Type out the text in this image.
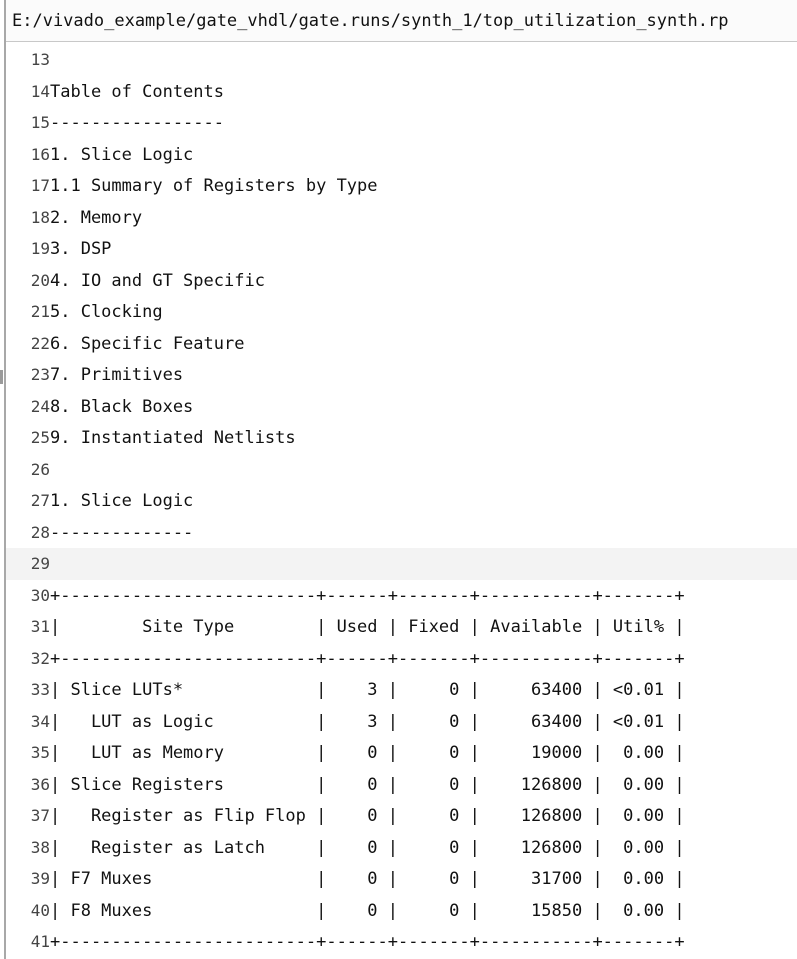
E:/vivado_example/gate_vhdl/gate.runs/synth_1/top_utilization_synth.rp
13
14Table of Contents
15-----------------
161. Slice Logic
171.1 Summary of Registers by Type
182. Memory
193. DSP
204. IO and GT Specific
215. Clocking
226. Specific Feature
237. Primitives
248. Black Boxes
259. Instantiated Netlists
26
271. Slice Logic
28--------------
29
30+-------------------------+------+-------+-----------+-------+
31|        Site Type        | Used | Fixed | Available | Util% |
32+-------------------------+------+-------+-----------+-------+
33| Slice LUTs*             |    3 |     0 |     63400 | <0.01 |
34|   LUT as Logic          |    3 |     0 |     63400 | <0.01 |
35|   LUT as Memory         |    0 |     0 |     19000 |  0.00 |
36| Slice Registers         |    0 |     0 |    126800 |  0.00 |
37|   Register as Flip Flop |    0 |     0 |    126800 |  0.00 |
38|   Register as Latch     |    0 |     0 |    126800 |  0.00 |
39| F7 Muxes                |    0 |     0 |     31700 |  0.00 |
40| F8 Muxes                |    0 |     0 |     15850 |  0.00 |
41+-------------------------+------+-------+-----------+-------+
